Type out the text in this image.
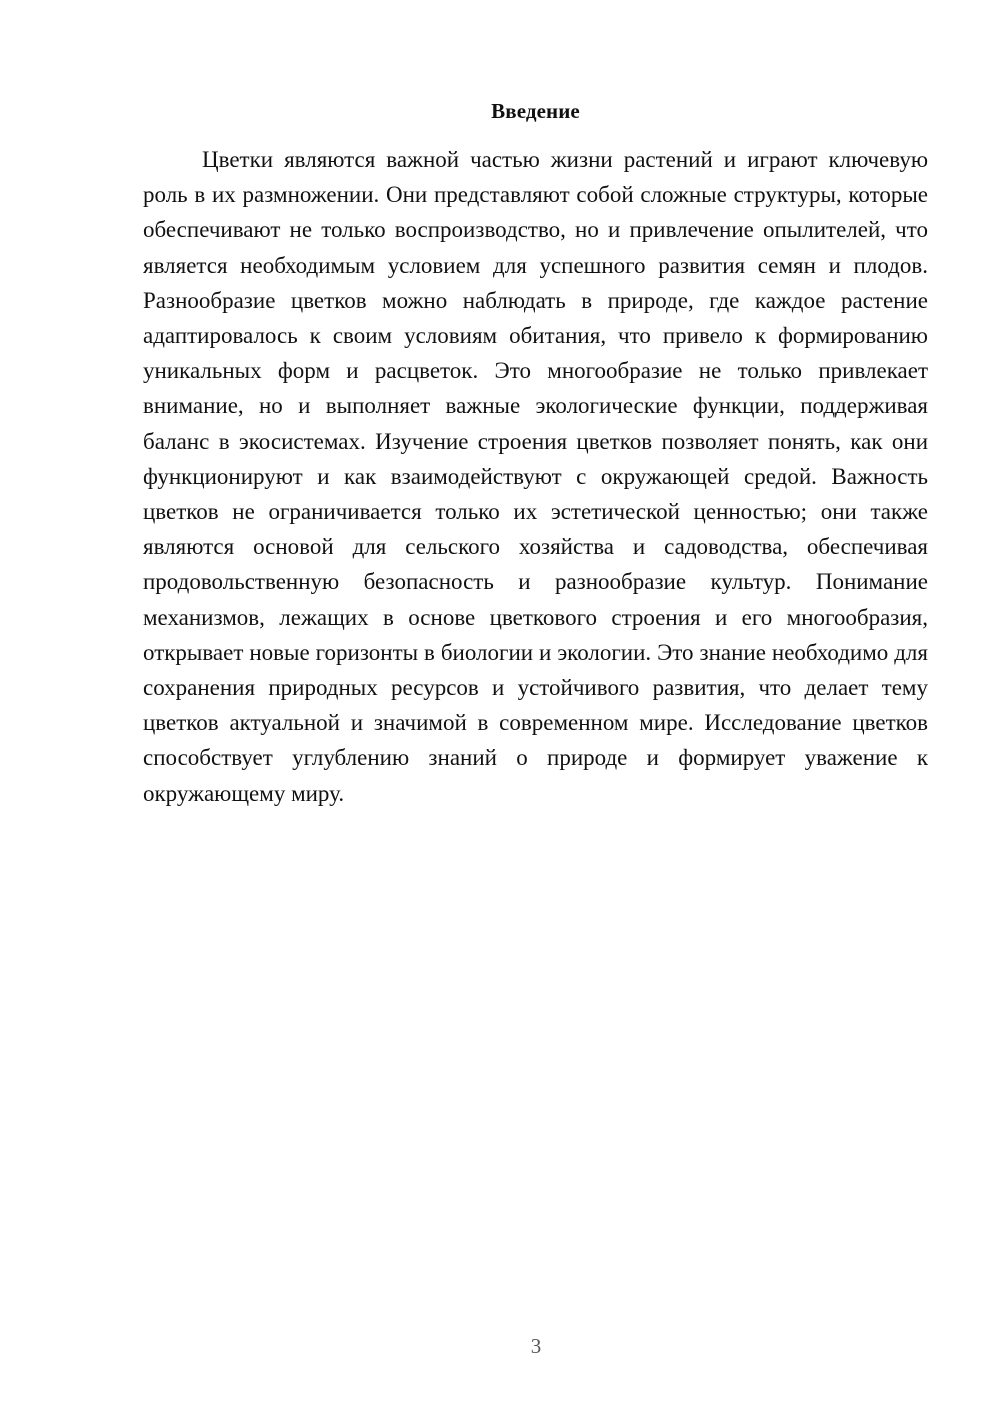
Введение

Цветки являются важной частью жизни растений и играют ключевую роль в их размножении. Они представляют собой сложные структуры, которые обеспечивают не только воспроизводство, но и привлечение опылителей, что является необходимым условием для успешного развития семян и плодов. Разнообразие цветков можно наблюдать в природе, где каждое растение адаптировалось к своим условиям обитания, что привело к формированию уникальных форм и расцветок. Это многообразие не только привлекает внимание, но и выполняет важные экологические функции, поддерживая баланс в экосистемах. Изучение строения цветков позволяет понять, как они функционируют и как взаимодействуют с окружающей средой. Важность цветков не ограничивается только их эстетической ценностью; они также являются основой для сельского хозяйства и садоводства, обеспечивая продовольственную безопасность и разнообразие культур. Понимание механизмов, лежащих в основе цветкового строения и его многообразия, открывает новые горизонты в биологии и экологии. Это знание необходимо для сохранения природных ресурсов и устойчивого развития, что делает тему цветков актуальной и значимой в современном мире. Исследование цветков способствует углублению знаний о природе и формирует уважение к окружающему миру.

3
